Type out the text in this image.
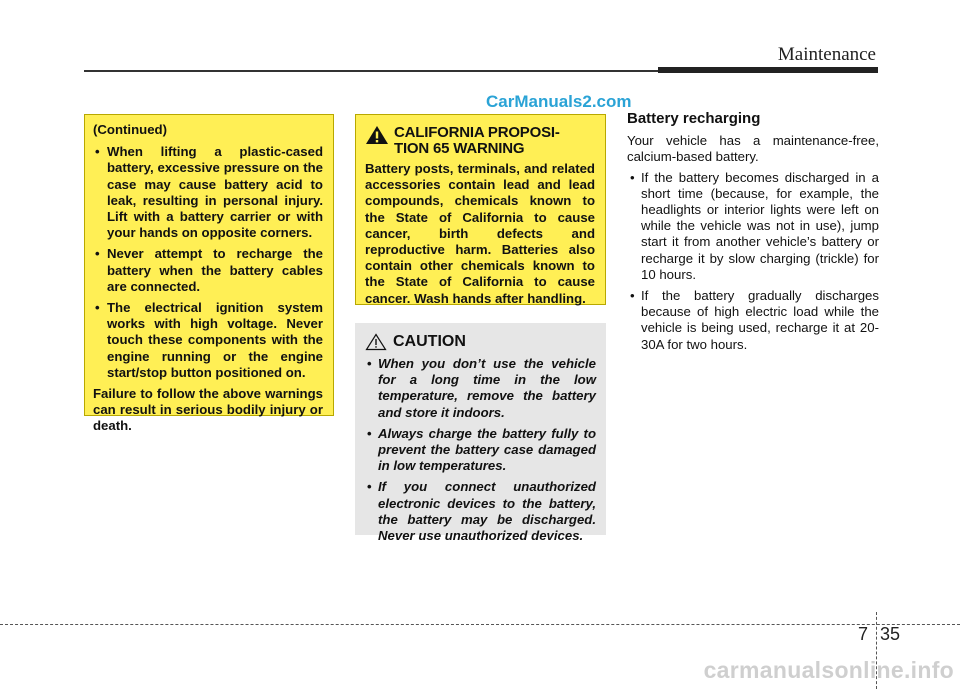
Maintenance
CarManuals2.com
(Continued)
• When lifting a plastic-cased battery, excessive pressure on the case may cause battery acid to leak, resulting in personal injury. Lift with a battery carrier or with your hands on opposite corners.
• Never attempt to recharge the battery when the battery cables are connected.
• The electrical ignition system works with high voltage. Never touch these components with the engine running or the engine start/stop button positioned on.
Failure to follow the above warnings can result in serious bodily injury or death.
CALIFORNIA PROPOSI-
TION 65 WARNING
Battery posts, terminals, and related accessories contain lead and lead compounds, chemicals known to the State of California to cause cancer, birth defects and reproductive harm. Batteries also contain other chemicals known to the State of California to cause cancer. Wash hands after handling.
CAUTION
• When you don’t use the vehicle for a long time in the low temperature, remove the battery and store it indoors.
• Always charge the battery fully to prevent the battery case damaged in low temperatures.
• If you connect unauthorized electronic devices to the battery, the battery may be discharged. Never use unauthorized devices.
Battery recharging

Your vehicle has a maintenance-free, calcium-based battery.

• If the battery becomes discharged in a short time (because, for example, the headlights or interior lights were left on while the vehicle was not in use), jump start it from another vehicle’s battery or recharge it by slow charging (trickle) for 10 hours.
• If the battery gradually discharges because of high electric load while the vehicle is being used, recharge it at 20-30A for two hours.
7 35
carmanualsonline.info
